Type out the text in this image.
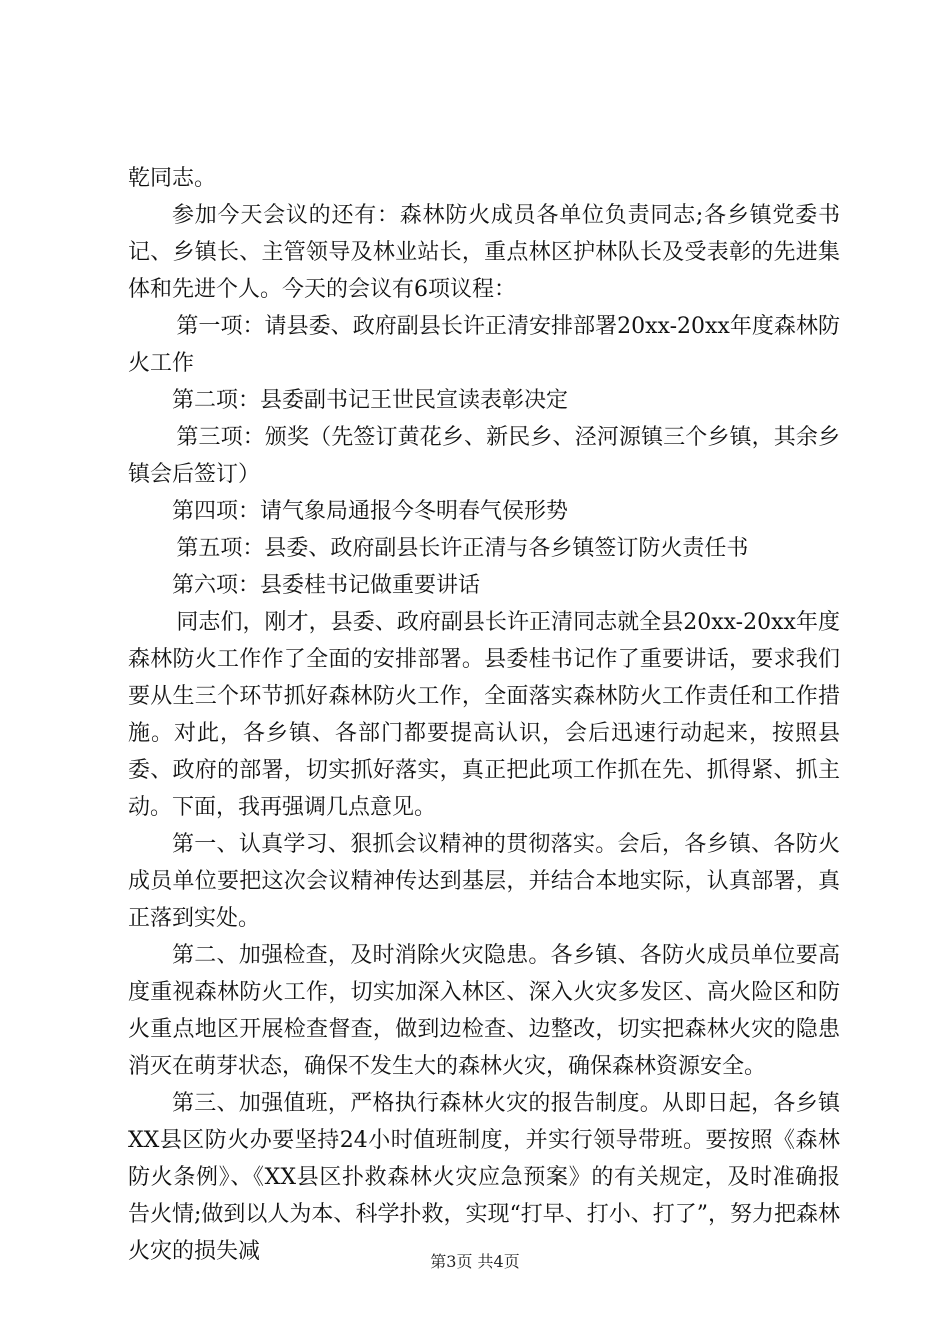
乾同志。

参加今天会议的还有：森林防火成员各单位负责同志;各乡镇党委书记、乡镇长、主管领导及林业站长，重点林区护林队长及受表彰的先进集体和先进个人。今天的会议有6项议程：

第一项：请县委、政府副县长许正清安排部署20xx-20xx年度森林防火工作

第二项：县委副书记王世民宣读表彰决定

第三项：颁奖（先签订黄花乡、新民乡、泾河源镇三个乡镇，其余乡镇会后签订）

第四项：请气象局通报今冬明春气侯形势

第五项：县委、政府副县长许正清与各乡镇签订防火责任书

第六项：县委桂书记做重要讲话

同志们，刚才，县委、政府副县长许正清同志就全县20xx-20xx年度森林防火工作作了全面的安排部署。县委桂书记作了重要讲话，要求我们要从生三个环节抓好森林防火工作，全面落实森林防火工作责任和工作措施。对此，各乡镇、各部门都要提高认识，会后迅速行动起来，按照县委、政府的部署，切实抓好落实，真正把此项工作抓在先、抓得紧、抓主动。下面，我再强调几点意见。

第一、认真学习、狠抓会议精神的贯彻落实。会后，各乡镇、各防火成员单位要把这次会议精神传达到基层，并结合本地实际，认真部署，真正落到实处。

第二、加强检查，及时消除火灾隐患。各乡镇、各防火成员单位要高度重视森林防火工作，切实加深入林区、深入火灾多发区、高火险区和防火重点地区开展检查督查，做到边检查、边整改，切实把森林火灾的隐患消灭在萌芽状态，确保不发生大的森林火灾，确保森林资源安全。

第三、加强值班，严格执行森林火灾的报告制度。从即日起，各乡镇XX县区防火办要坚持24小时值班制度，并实行领导带班。要按照《森林防火条例》、《XX县区扑救森林火灾应急预案》的有关规定，及时准确报告火情;做到以人为本、科学扑救，实现“打早、打小、打了”，努力把森林火灾的损失减	第3页 共4页
